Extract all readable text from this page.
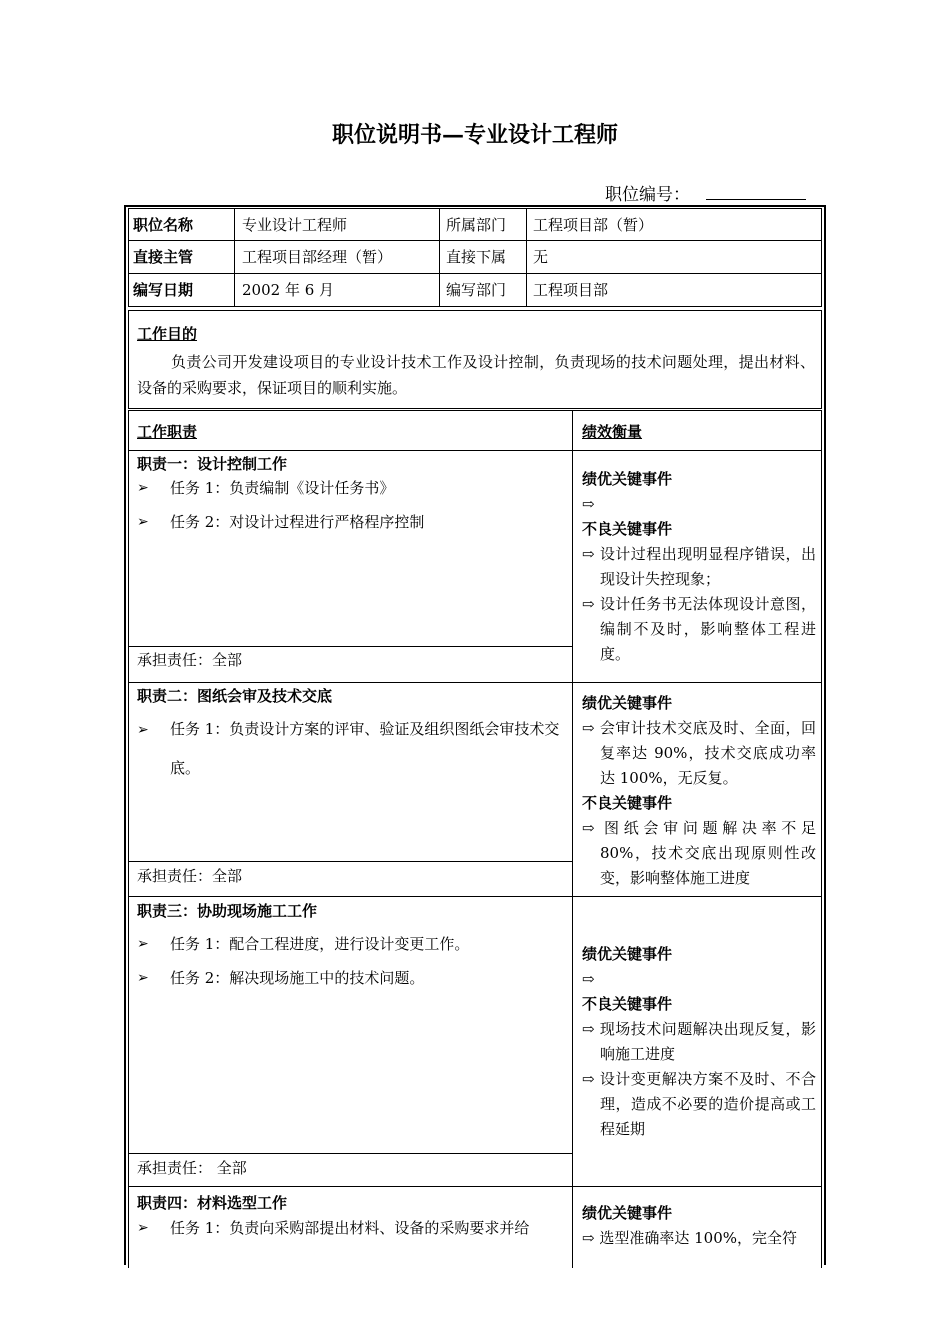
职位说明书—专业设计工程师
职位编号：
职位名称	专业设计工程师	所属部门 工程项目部（暂）
直接主管	工程项目部经理（暂）	直接下属 无
编写日期	2002 年 6 月	编写部门 工程项目部
工作目的
负责公司开发建设项目的专业设计技术工作及设计控制，负责现场的技术问题处理，提出材料、设备的采购要求，保证项目的顺利实施。
工作职责	绩效衡量
职责一：设计控制工作
➢ 任务 1：负责编制《设计任务书》
➢ 任务 2：对设计过程进行严格程序控制
承担责任：全部
绩优关键事件
⇨
不良关键事件
⇨ 设计过程出现明显程序错误，出现设计失控现象；
⇨ 设计任务书无法体现设计意图，编制不及时，影响整体工程进度。
职责二：图纸会审及技术交底
➢ 任务 1：负责设计方案的评审、验证及组织图纸会审技术交底。
承担责任：全部
绩优关键事件
⇨ 会审计技术交底及时、全面，回复率达 90%，技术交底成功率达 100%，无反复。
不良关键事件
⇨ 图纸会审问题解决率不足 80%，技术交底出现原则性改变，影响整体施工进度
职责三：协助现场施工工作
➢ 任务 1：配合工程进度，进行设计变更工作。
➢ 任务 2：解决现场施工中的技术问题。
承担责任： 全部
绩优关键事件
⇨
不良关键事件
⇨ 现场技术问题解决出现反复，影响施工进度
⇨ 设计变更解决方案不及时、不合理，造成不必要的造价提高或工程延期
职责四：材料选型工作
➢ 任务 1：负责向采购部提出材料、设备的采购要求并给
绩优关键事件
⇨ 选型准确率达 100%，完全符
